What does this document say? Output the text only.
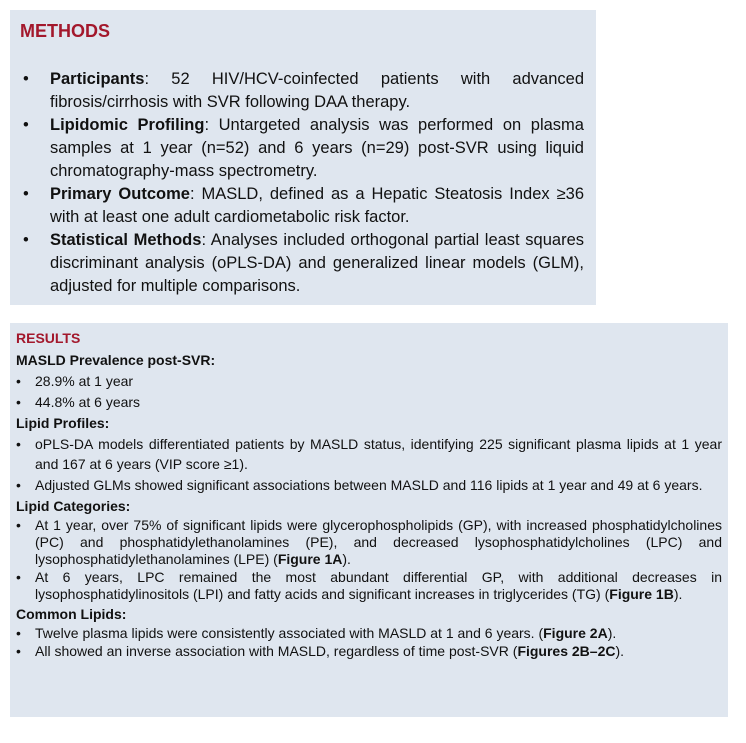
METHODS
• Participants: 52 HIV/HCV-coinfected patients with advanced fibrosis/cirrhosis with SVR following DAA therapy.
• Lipidomic Profiling: Untargeted analysis was performed on plasma samples at 1 year (n=52) and 6 years (n=29) post-SVR using liquid chromatography-mass spectrometry.
• Primary Outcome: MASLD, defined as a Hepatic Steatosis Index ≥36 with at least one adult cardiometabolic risk factor.
• Statistical Methods: Analyses included orthogonal partial least squares discriminant analysis (oPLS-DA) and generalized linear models (GLM), adjusted for multiple comparisons.
RESULTS
MASLD Prevalence post-SVR:
• 28.9% at 1 year
• 44.8% at 6 years
Lipid Profiles:
• oPLS-DA models differentiated patients by MASLD status, identifying 225 significant plasma lipids at 1 year and 167 at 6 years (VIP score ≥1).
• Adjusted GLMs showed significant associations between MASLD and 116 lipids at 1 year and 49 at 6 years.
Lipid Categories:
• At 1 year, over 75% of significant lipids were glycerophospholipids (GP), with increased phosphatidylcholines (PC) and phosphatidylethanolamines (PE), and decreased lysophosphatidylcholines (LPC) and lysophosphatidylethanolamines (LPE) (Figure 1A).
• At 6 years, LPC remained the most abundant differential GP, with additional decreases in lysophosphatidylinositols (LPI) and fatty acids and significant increases in triglycerides (TG) (Figure 1B).
Common Lipids:
• Twelve plasma lipids were consistently associated with MASLD at 1 and 6 years. (Figure 2A).
• All showed an inverse association with MASLD, regardless of time post-SVR (Figures 2B–2C).
